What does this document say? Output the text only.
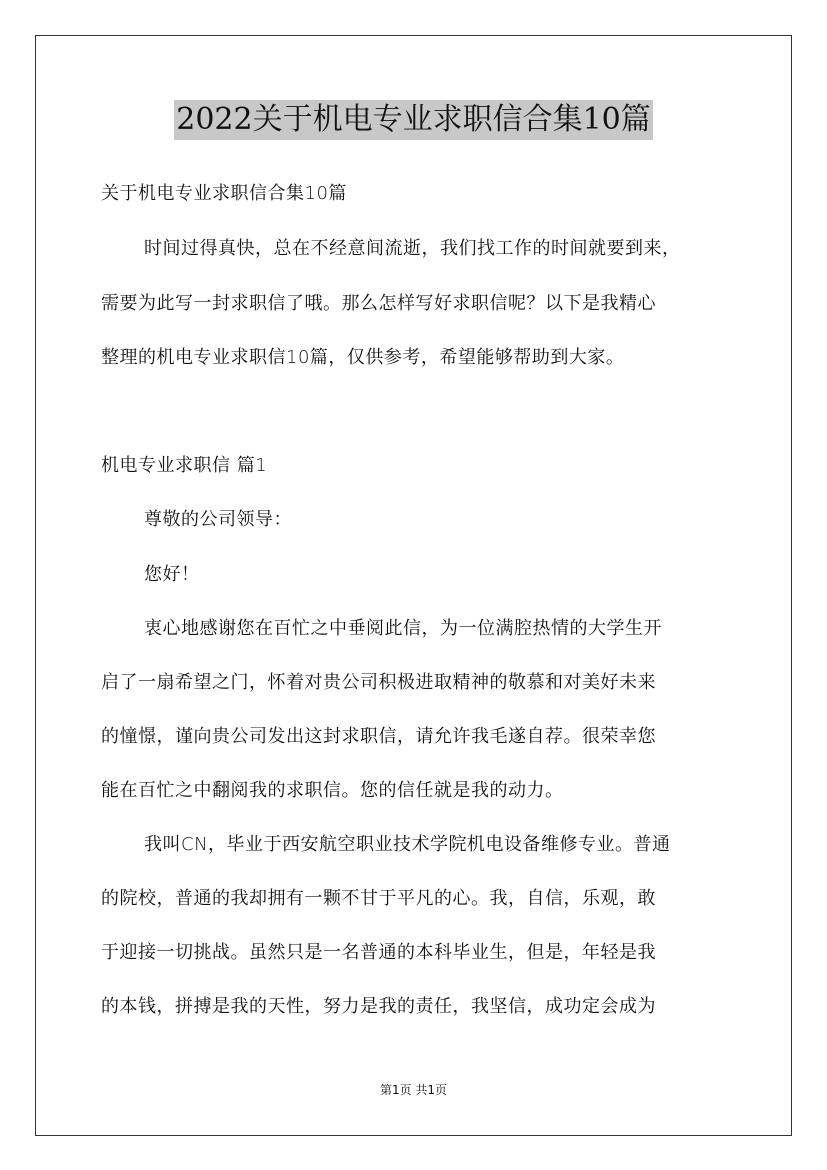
2022关于机电专业求职信合集10篇
关于机电专业求职信合集10篇
时间过得真快，总在不经意间流逝，我们找工作的时间就要到来，
需要为此写一封求职信了哦。那么怎样写好求职信呢？以下是我精心
整理的机电专业求职信10篇，仅供参考，希望能够帮助到大家。
机电专业求职信 篇1
尊敬的公司领导：
您好！
衷心地感谢您在百忙之中垂阅此信，为一位满腔热情的大学生开
启了一扇希望之门，怀着对贵公司积极进取精神的敬慕和对美好未来
的憧憬，谨向贵公司发出这封求职信，请允许我毛遂自荐。很荣幸您
能在百忙之中翻阅我的求职信。您的信任就是我的动力。
我叫CN，毕业于西安航空职业技术学院机电设备维修专业。普通
的院校，普通的我却拥有一颗不甘于平凡的心。我，自信，乐观，敢
于迎接一切挑战。虽然只是一名普通的本科毕业生，但是，年轻是我
的本钱，拼搏是我的天性，努力是我的责任，我坚信，成功定会成为
第1页 共1页
